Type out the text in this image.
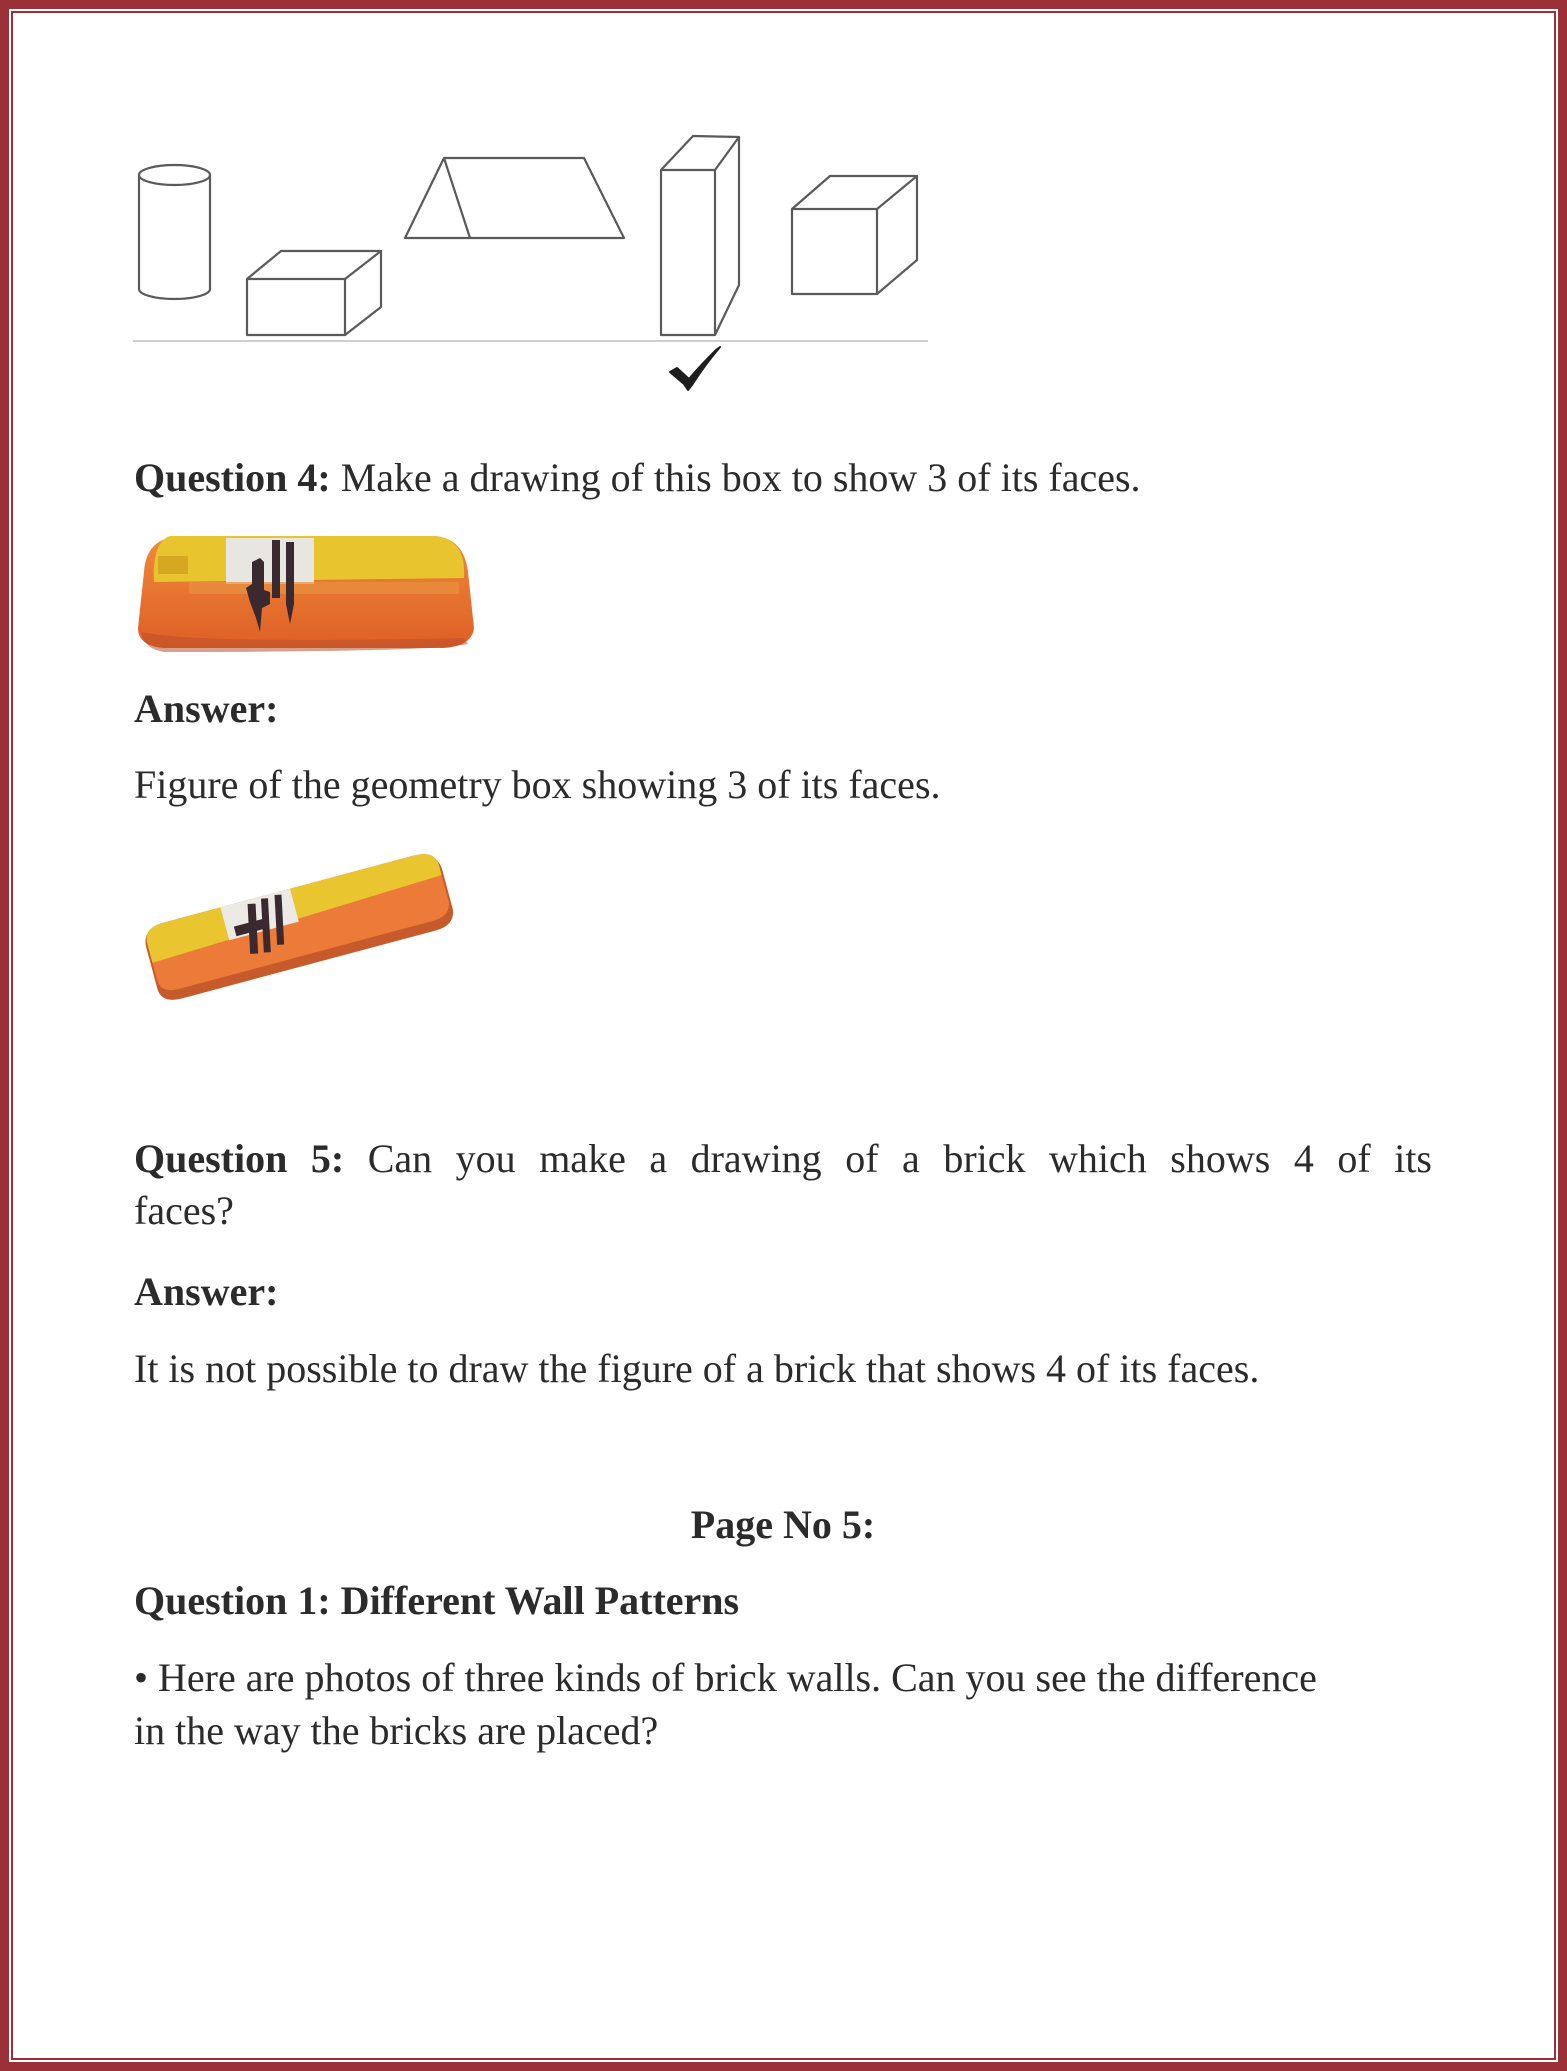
Question 4: Make a drawing of this box to show 3 of its faces.
Answer:
Figure of the geometry box showing 3 of its faces.
Question 5: Can you make a drawing of a brick which shows 4 of its
faces?
Answer:
It is not possible to draw the figure of a brick that shows 4 of its faces.
Page No 5:
Question 1: Different Wall Patterns
• Here are photos of three kinds of brick walls. Can you see the difference
in the way the bricks are placed?
